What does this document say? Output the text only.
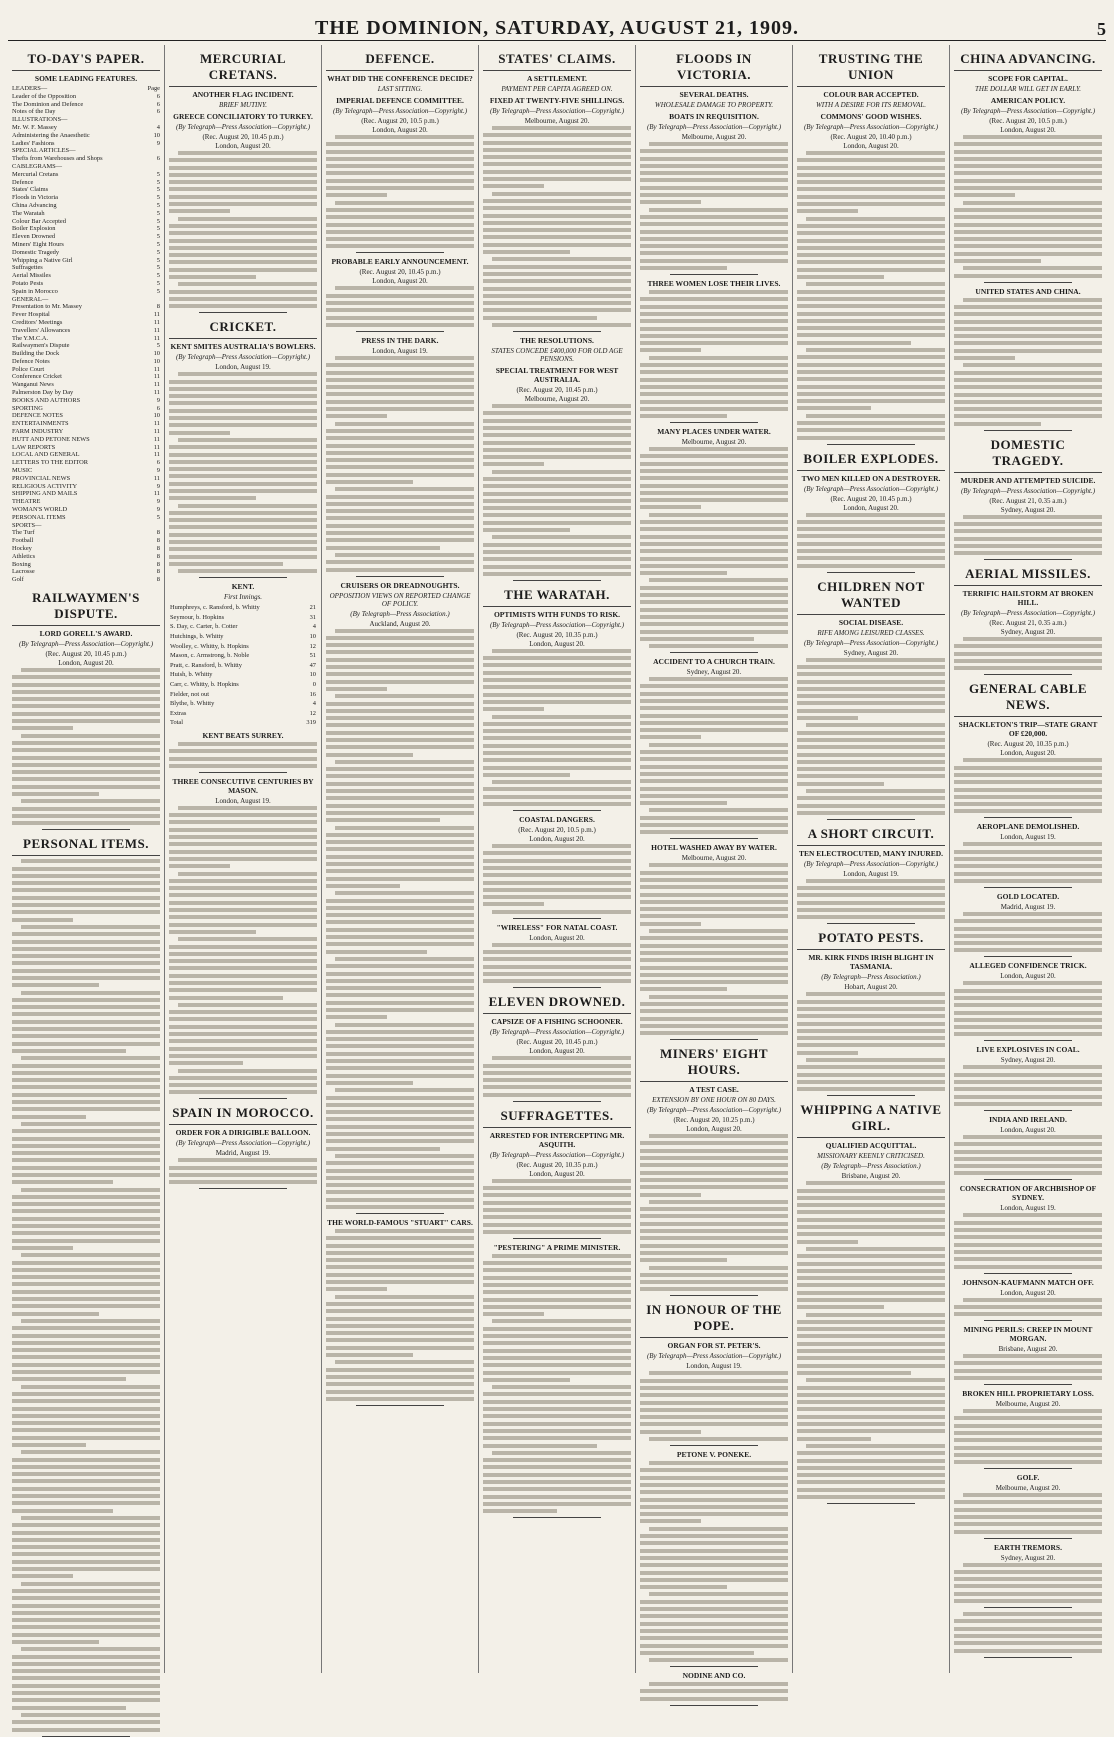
THE DOMINION, SATURDAY, AUGUST 21, 1909.	5
TO-DAY'S PAPER.
SOME LEADING FEATURES.
LEADERS—	Page
Leader of the Opposition	6
The Dominion and Defence	6
Notes of the Day	6
ILLUSTRATIONS—
Mr. W. F. Massey	4
Administering the Anaesthetic	10
Ladies' Fashions	9
SPECIAL ARTICLES—
Thefts from Warehouses and Shops	6
CABLEGRAMS—
Mercurial Cretans	5
Defence	5
States' Claims	5
Floods in Victoria	5
China Advancing	5
The Waratah	5
Colour Bar Accepted	5
Boiler Explosion	5
Eleven Drowned	5
Miners' Eight Hours	5
Domestic Tragedy	5
Whipping a Native Girl	5
Suffragettes	5
Aerial Missiles	5
Potato Pests	5
Spain in Morocco	5
GENERAL—
Presentation to Mr. Massey	8
Fever Hospital	11
Creditors' Meetings	11
Travellers' Allowances	11
The Y.M.C.A.	11
Railwaymen's Dispute	5
Building the Dock	10
Defence Notes	10
Police Court	11
Conference Cricket	11
Wanganui News	11
Palmerston Day by Day	11
BOOKS AND AUTHORS	9
SPORTING	6
DEFENCE NOTES	10
ENTERTAINMENTS	11
FARM INDUSTRY	11
HUTT AND PETONE NEWS	11
LAW REPORTS	11
LOCAL AND GENERAL	11
LETTERS TO THE EDITOR	6
MUSIC	9
PROVINCIAL NEWS	11
RELIGIOUS ACTIVITY	9
SHIPPING AND MAILS	11
THEATRE	9
WOMAN'S WORLD	9
PERSONAL ITEMS	5
SPORTS—
The Turf	8
Football	8
Hockey	8
Athletics	8
Boxing	8
Lacrosse	8
Golf	8
RAILWAYMEN'S DISPUTE.
LORD GORELL'S AWARD.
(By Telegraph—Press Association—Copyright.)
(Rec. August 20, 10.45 p.m.)
London, August 20.
PERSONAL ITEMS.
MERCURIAL CRETANS.
ANOTHER FLAG INCIDENT.
BRIEF MUTINY.
GREECE CONCILIATORY TO TURKEY.
(By Telegraph—Press Association—Copyright.)
(Rec. August 20, 10.45 p.m.)
London, August 20.
CRICKET.
KENT SMITES AUSTRALIA'S BOWLERS.
(By Telegraph—Press Association—Copyright.)
London, August 19.
KENT.
First Innings.
Humphreys, c. Ransford, b. Whitty	21
Seymour, b. Hopkins	31
S. Day, c. Carter, b. Cotter	4
Hutchings, b. Whitty	10
Woolley, c. Whitty, b. Hopkins	12
Mason, c. Armstrong, b. Noble	51
Pratt, c. Ransford, b. Whitty	47
Huish, b. Whitty	10
Carr, c. Whitty, b. Hopkins	0
Fielder, not out	16
Blythe, b. Whitty	4
Extras	12
Total	319
KENT BEATS SURREY.
THREE CONSECUTIVE CENTURIES BY MASON.
London, August 19.
SPAIN IN MOROCCO.
ORDER FOR A DIRIGIBLE BALLOON.
(By Telegraph—Press Association—Copyright.)
Madrid, August 19.
DEFENCE.
WHAT DID THE CONFERENCE DECIDE?
LAST SITTING.
IMPERIAL DEFENCE COMMITTEE.
(By Telegraph—Press Association—Copyright.)
(Rec. August 20, 10.5 p.m.)
London, August 20.
PROBABLE EARLY ANNOUNCEMENT.
(Rec. August 20, 10.45 p.m.)
London, August 20.
PRESS IN THE DARK.
London, August 19.
CRUISERS OR DREADNOUGHTS.
OPPOSITION VIEWS ON REPORTED CHANGE OF POLICY.
(By Telegraph—Press Association.)
Auckland, August 20.
THE WORLD-FAMOUS "STUART" CARS.
STATES' CLAIMS.
A SETTLEMENT.
PAYMENT PER CAPITA AGREED ON.
FIXED AT TWENTY-FIVE SHILLINGS.
(By Telegraph—Press Association—Copyright.)
Melbourne, August 20.
THE RESOLUTIONS.
STATES CONCEDE £400,000 FOR OLD AGE PENSIONS.
SPECIAL TREATMENT FOR WEST AUSTRALIA.
(Rec. August 20, 10.45 p.m.)
Melbourne, August 20.
THE WARATAH.
OPTIMISTS WITH FUNDS TO RISK.
(By Telegraph—Press Association—Copyright.)
(Rec. August 20, 10.35 p.m.)
London, August 20.
COASTAL DANGERS.
(Rec. August 20, 10.5 p.m.)
London, August 20.
"WIRELESS" FOR NATAL COAST.
London, August 20.
ELEVEN DROWNED.
CAPSIZE OF A FISHING SCHOONER.
(By Telegraph—Press Association—Copyright.)
(Rec. August 20, 10.45 p.m.)
London, August 20.
SUFFRAGETTES.
ARRESTED FOR INTERCEPTING MR. ASQUITH.
(By Telegraph—Press Association—Copyright.)
(Rec. August 20, 10.35 p.m.)
London, August 20.
"PESTERING" A PRIME MINISTER.
FLOODS IN VICTORIA.
SEVERAL DEATHS.
WHOLESALE DAMAGE TO PROPERTY.
BOATS IN REQUISITION.
(By Telegraph—Press Association—Copyright.)
Melbourne, August 20.
THREE WOMEN LOSE THEIR LIVES.
MANY PLACES UNDER WATER.
Melbourne, August 20.
ACCIDENT TO A CHURCH TRAIN.
Sydney, August 20.
HOTEL WASHED AWAY BY WATER.
Melbourne, August 20.
MINERS' EIGHT HOURS.
A TEST CASE.
EXTENSION BY ONE HOUR ON 80 DAYS.
(By Telegraph—Press Association—Copyright.)
(Rec. August 20, 10.25 p.m.)
London, August 20.
IN HONOUR OF THE POPE.
ORGAN FOR ST. PETER'S.
(By Telegraph—Press Association—Copyright.)
London, August 19.
PETONE V. PONEKE.
NODINE AND CO.
TRUSTING THE UNION
COLOUR BAR ACCEPTED.
WITH A DESIRE FOR ITS REMOVAL.
COMMONS' GOOD WISHES.
(By Telegraph—Press Association—Copyright.)
(Rec. August 20, 10.40 p.m.)
London, August 20.
BOILER EXPLODES.
TWO MEN KILLED ON A DESTROYER.
(By Telegraph—Press Association—Copyright.)
(Rec. August 20, 10.45 p.m.)
London, August 20.
CHILDREN NOT WANTED
SOCIAL DISEASE.
RIFE AMONG LEISURED CLASSES.
(By Telegraph—Press Association—Copyright.)
Sydney, August 20.
A SHORT CIRCUIT.
TEN ELECTROCUTED, MANY INJURED.
(By Telegraph—Press Association—Copyright.)
London, August 19.
POTATO PESTS.
MR. KIRK FINDS IRISH BLIGHT IN TASMANIA.
(By Telegraph—Press Association.)
Hobart, August 20.
WHIPPING A NATIVE GIRL.
QUALIFIED ACQUITTAL.
MISSIONARY KEENLY CRITICISED.
(By Telegraph—Press Association.)
Brisbane, August 20.
CHINA ADVANCING.
SCOPE FOR CAPITAL.
THE DOLLAR WILL GET IN EARLY.
AMERICAN POLICY.
(By Telegraph—Press Association—Copyright.)
(Rec. August 20, 10.5 p.m.)
London, August 20.
UNITED STATES AND CHINA.
DOMESTIC TRAGEDY.
MURDER AND ATTEMPTED SUICIDE.
(By Telegraph—Press Association—Copyright.)
(Rec. August 21, 0.35 a.m.)
Sydney, August 20.
AERIAL MISSILES.
TERRIFIC HAILSTORM AT BROKEN HILL.
(By Telegraph—Press Association—Copyright.)
(Rec. August 21, 0.35 a.m.)
Sydney, August 20.
GENERAL CABLE NEWS.
SHACKLETON'S TRIP—STATE GRANT OF £20,000.
(Rec. August 20, 10.35 p.m.)
London, August 20.
AEROPLANE DEMOLISHED.
London, August 19.
GOLD LOCATED.
Madrid, August 19.
ALLEGED CONFIDENCE TRICK.
London, August 20.
LIVE EXPLOSIVES IN COAL.
Sydney, August 20.
INDIA AND IRELAND.
London, August 20.
CONSECRATION OF ARCHBISHOP OF SYDNEY.
London, August 19.
JOHNSON-KAUFMANN MATCH OFF.
London, August 20.
MINING PERILS: CREEP IN MOUNT MORGAN.
Brisbane, August 20.
BROKEN HILL PROPRIETARY LOSS.
Melbourne, August 20.
GOLF.
Melbourne, August 20.
EARTH TREMORS.
Sydney, August 20.
